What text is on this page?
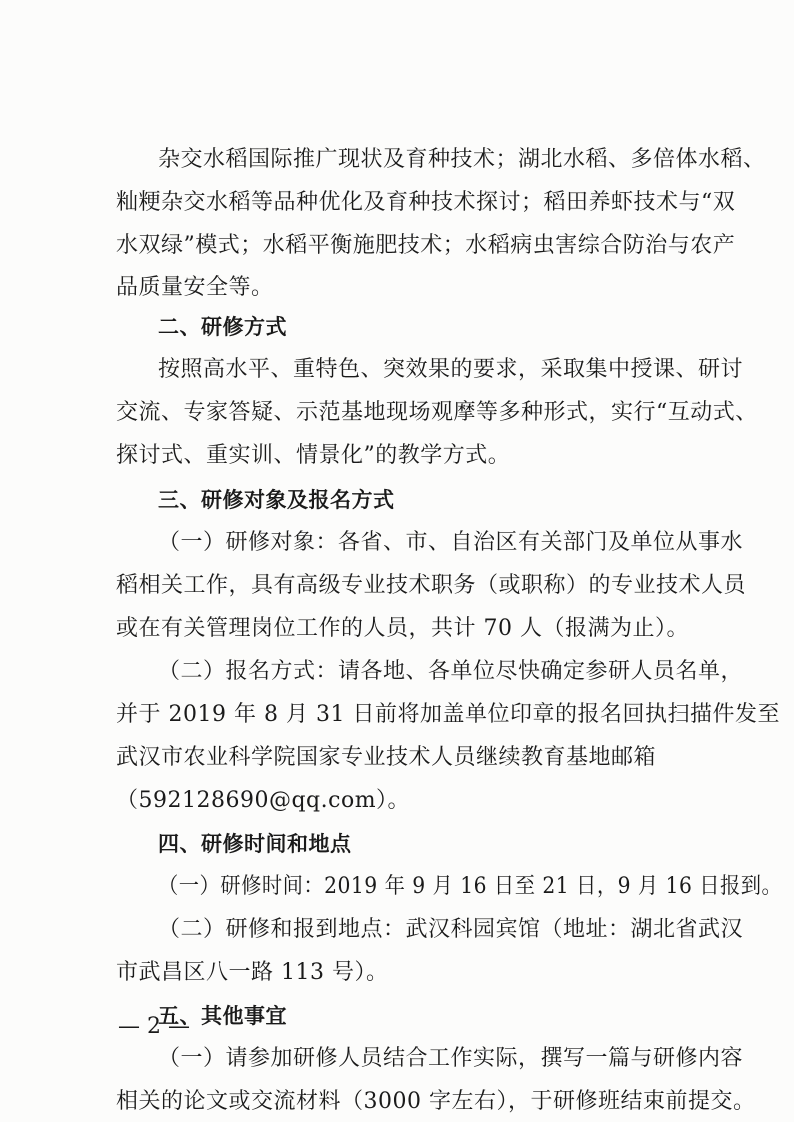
杂交水稻国际推广现状及育种技术；湖北水稻、多倍体水稻、
籼粳杂交水稻等品种优化及育种技术探讨；稻田养虾技术与“双
水双绿”模式；水稻平衡施肥技术；水稻病虫害综合防治与农产
品质量安全等。
二、研修方式
按照高水平、重特色、突效果的要求，采取集中授课、研讨
交流、专家答疑、示范基地现场观摩等多种形式，实行“互动式、
探讨式、重实训、情景化”的教学方式。
三、研修对象及报名方式
（一）研修对象：各省、市、自治区有关部门及单位从事水
稻相关工作，具有高级专业技术职务（或职称）的专业技术人员
或在有关管理岗位工作的人员，共计 70 人（报满为止）。
（二）报名方式：请各地、各单位尽快确定参研人员名单，
并于 2019 年 8 月 31 日前将加盖单位印章的报名回执扫描件发至
武汉市农业科学院国家专业技术人员继续教育基地邮箱
（592128690@qq.com）。
四、研修时间和地点
（一）研修时间：2019 年 9 月 16 日至 21 日，9 月 16 日报到。
（二）研修和报到地点：武汉科园宾馆（地址：湖北省武汉
市武昌区八一路 113 号）。
五、其他事宜
（一）请参加研修人员结合工作实际，撰写一篇与研修内容
相关的论文或交流材料（3000 字左右），于研修班结束前提交。
— 2 —
